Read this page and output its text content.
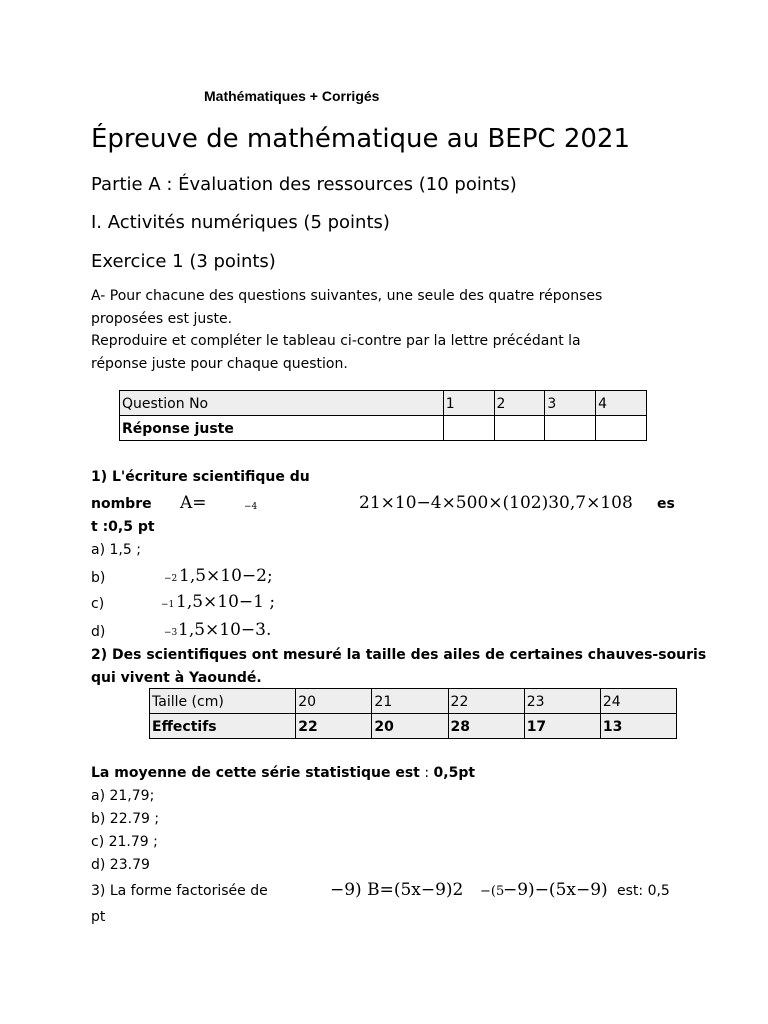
Mathématiques + Corrigés
Épreuve de mathématique au BEPC 2021
Partie A : Évaluation des ressources (10 points)
I. Activités numériques (5 points)
Exercice 1 (3 points)
A- Pour chacune des questions suivantes, une seule des quatre réponses
proposées est juste.
Reproduire et compléter le tableau ci-contre par la lettre précédant la
réponse juste pour chaque question.
Question No	1	2	3	4
Réponse juste				
1) L'écriture scientifique du
nombre A=	−4	21×10−4×500×(102)30,7×108 es
t :0,5 pt
a) 1,5 ;
b)	−2 1,5×10−2;
c)	−1 1,5×10−1 ;
d)	−3 1,5×10−3.
2) Des scientifiques ont mesuré la taille des ailes de certaines chauves-souris
qui vivent à Yaoundé.
Taille (cm)	20	21	22	23	24
Effectifs	22	20	28	17	13
La moyenne de cette série statistique est : 0,5pt
a) 21,79;
b) 22.79 ;
c) 21.79 ;
d) 23.79
3) La forme factorisée de	−9) B=(5x−9)2 −(5
−9)−(5x−9) est: 0,5
pt
